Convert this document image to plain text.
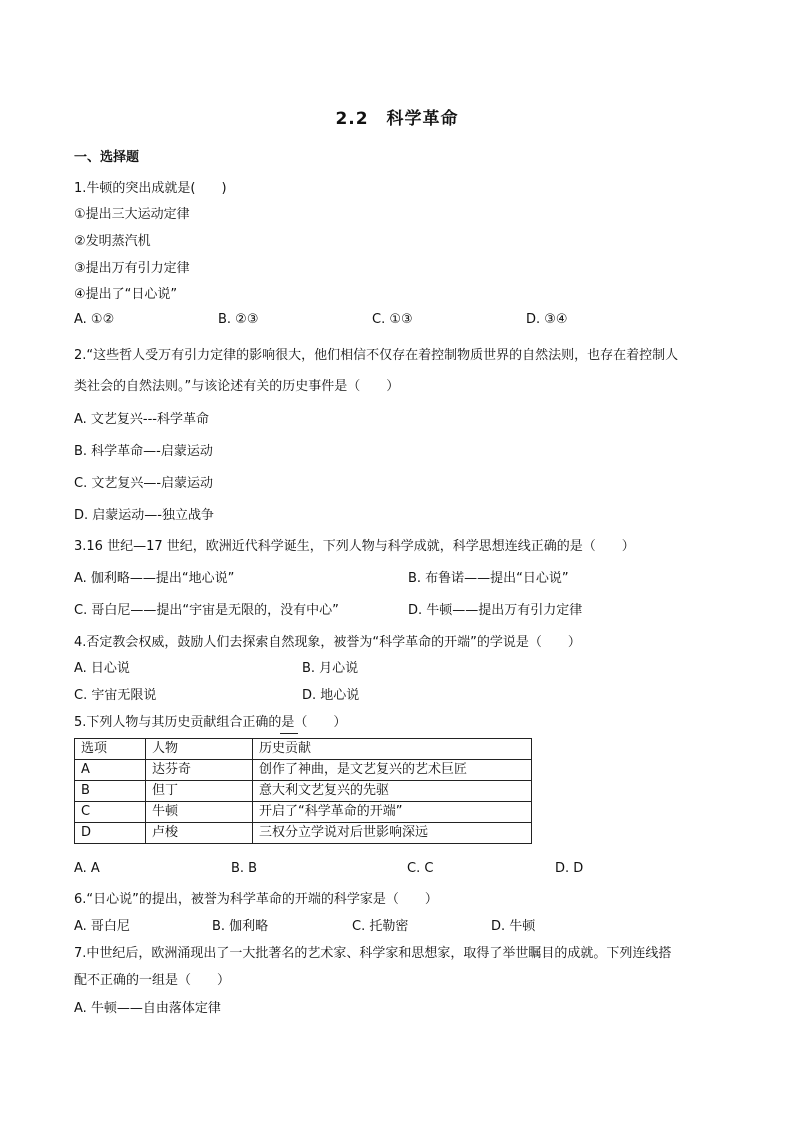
2.2　科学革命
一、选择题
1.牛顿的突出成就是(　　)
①提出三大运动定律
②发明蒸汽机
③提出万有引力定律
④提出了“日心说”
A. ①②	B. ②③	C. ①③	D. ③④
2.“这些哲人受万有引力定律的影响很大，他们相信不仅存在着控制物质世界的自然法则，也存在着控制人
类社会的自然法则。”与该论述有关的历史事件是（　　）
A. 文艺复兴---科学革命
B. 科学革命—-启蒙运动
C. 文艺复兴—-启蒙运动
D. 启蒙运动—-独立战争
3.16 世纪—17 世纪，欧洲近代科学诞生，下列人物与科学成就，科学思想连线正确的是（　　）
A. 伽利略——提出“地心说”	B. 布鲁诺——提出“日心说”
C. 哥白尼——提出“宇宙是无限的，没有中心”	D. 牛顿——提出万有引力定律
4.否定教会权威，鼓励人们去探索自然现象，被誉为“科学革命的开端”的学说是（　　）
A. 日心说	B. 月心说
C. 宇宙无限说	D. 地心说
5.下列人物与其历史贡献组合正确的是（　　）
选项	人物	历史贡献
A	达芬奇	创作了神曲，是文艺复兴的艺术巨匠
B	但丁	意大利文艺复兴的先驱
C	牛顿	开启了“科学革命的开端”
D	卢梭	三权分立学说对后世影响深远
A. A	B. B	C. C	D. D
6.“日心说”的提出，被誉为科学革命的开端的科学家是（　　）
A. 哥白尼	B. 伽利略	C. 托勒密	D. 牛顿
7.中世纪后，欧洲涌现出了一大批著名的艺术家、科学家和思想家，取得了举世瞩目的成就。下列连线搭
配不正确的一组是（　　）
A. 牛顿——自由落体定律
